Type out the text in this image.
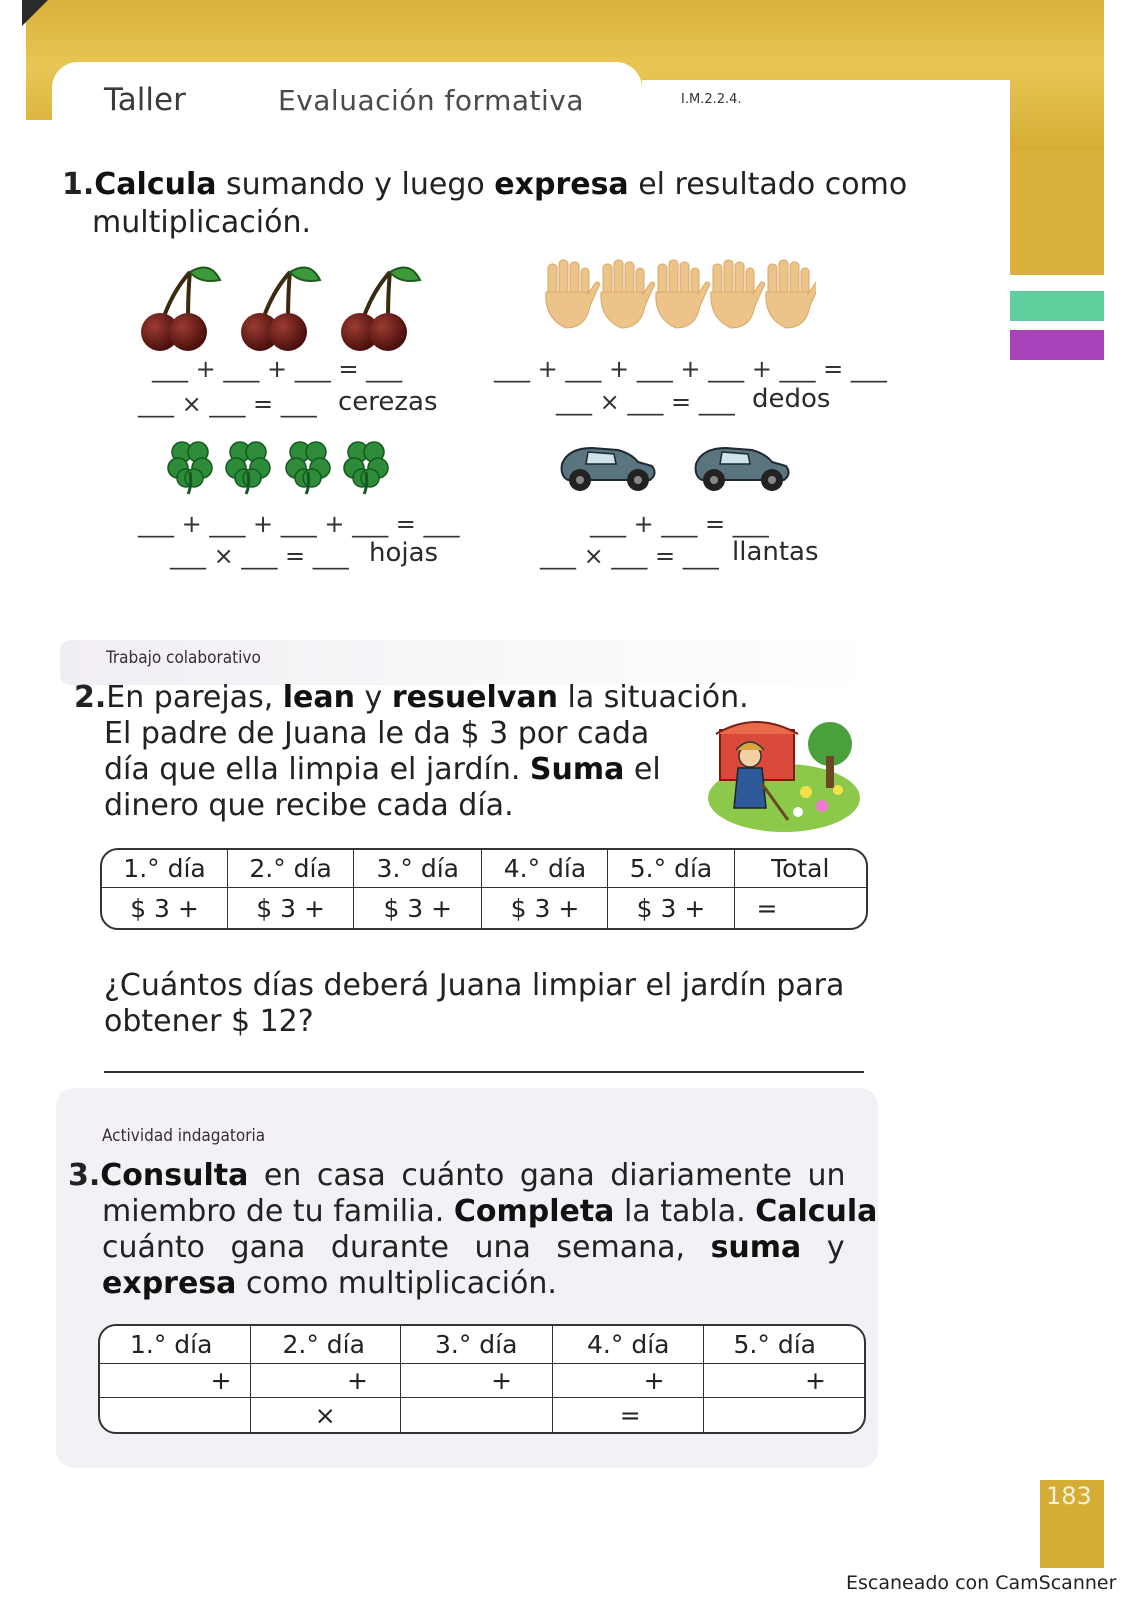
Taller	Evaluación formativa	I.M.2.2.4.
1.Calcula sumando y luego expresa el resultado como
multiplicación.
___ + ___ + ___ = ___
___ × ___ = ___ cerezas
___ + ___ + ___ + ___ + ___ = ___
___ × ___ = ___ dedos
___ + ___ + ___ + ___ = ___
___ × ___ = ___ hojas
___ + ___ = ___
___ × ___ = ___ llantas
Trabajo colaborativo
2.En parejas, lean y resuelvan la situación.
El padre de Juana le da $ 3 por cada
día que ella limpia el jardín. Suma el
dinero que recibe cada día.
1.° día	2.° día	3.° día	4.° día	5.° día	Total
$ 3 +	$ 3 +	$ 3 +	$ 3 +	$ 3 +	=
¿Cuántos días deberá Juana limpiar el jardín para
obtener $ 12?
Actividad indagatoria
3.Consulta en casa cuánto gana diariamente un
miembro de tu familia. Completa la tabla. Calcula
cuánto gana durante una semana, suma y
expresa como multiplicación.
1.° día	2.° día	3.° día	4.° día	5.° día
+	+	+	+	+
	×		=	
183
Escaneado con CamScanner
